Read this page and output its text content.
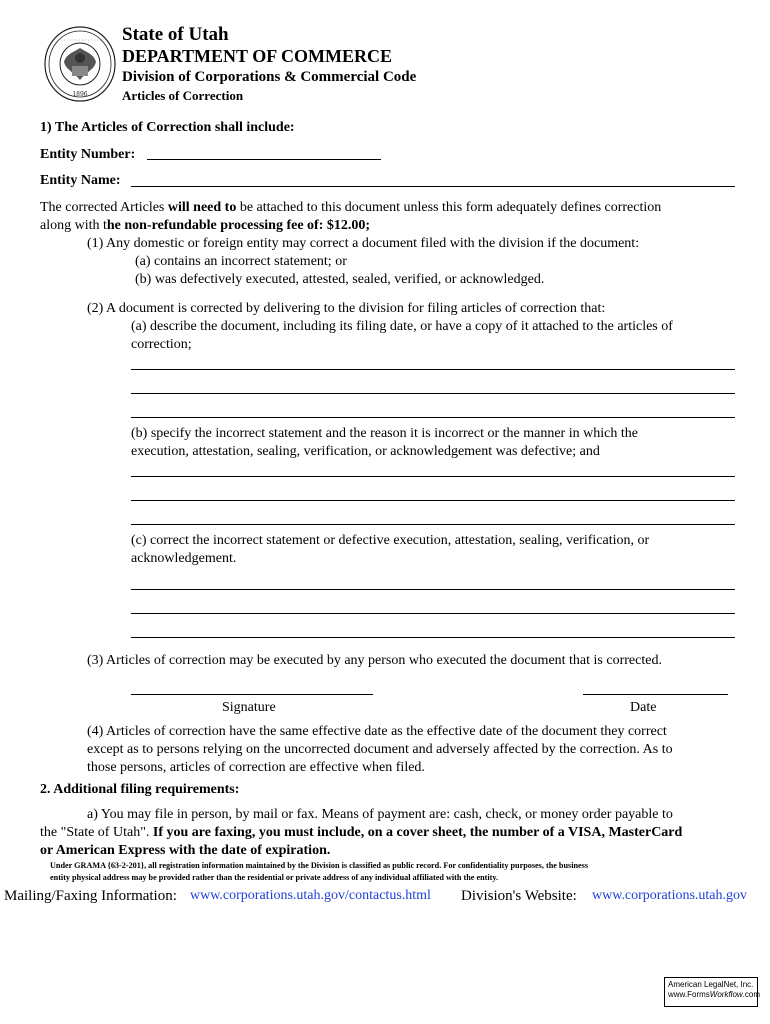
1896
State of Utah
DEPARTMENT OF COMMERCE
Division of Corporations & Commercial Code
Articles of Correction
1) The Articles of Correction shall include:
Entity Number:
Entity Name:
The corrected Articles will need to be attached to this document unless this form adequately defines correction
along with the non-refundable processing fee of: $12.00;
(1) Any domestic or foreign entity may correct a document filed with the division if the document:
(a) contains an incorrect statement; or
(b) was defectively executed, attested, sealed, verified, or acknowledged.
(2) A document is corrected by delivering to the division for filing articles of correction that:
(a) describe the document, including its filing date, or have a copy of it attached to the articles of
correction;
(b) specify the incorrect statement and the reason it is incorrect or the manner in which the
execution, attestation, sealing, verification, or acknowledgement was defective; and
(c) correct the incorrect statement or defective execution, attestation, sealing, verification, or
acknowledgement.
(3) Articles of correction may be executed by any person who executed the document that is corrected.
Signature	Date
(4) Articles of correction have the same effective date as the effective date of the document they correct
except as to persons relying on the uncorrected document and adversely affected by the correction. As to
those persons, articles of correction are effective when filed.
2. Additional filing requirements:
a) You may file in person, by mail or fax. Means of payment are: cash, check, or money order payable to
the "State of Utah". If you are faxing, you must include, on a cover sheet, the number of a VISA, MasterCard
or American Express with the date of expiration.
Under GRAMA {63-2-201}, all registration information maintained by the Division is classified as public record. For confidentiality purposes, the business
entity physical address may be provided rather than the residential or private address of any individual affiliated with the entity.
Mailing/Faxing Information: www.corporations.utah.gov/contactus.html Division's Website: www.corporations.utah.gov
American LegalNet, Inc.
www.FormsWorkflow.com
